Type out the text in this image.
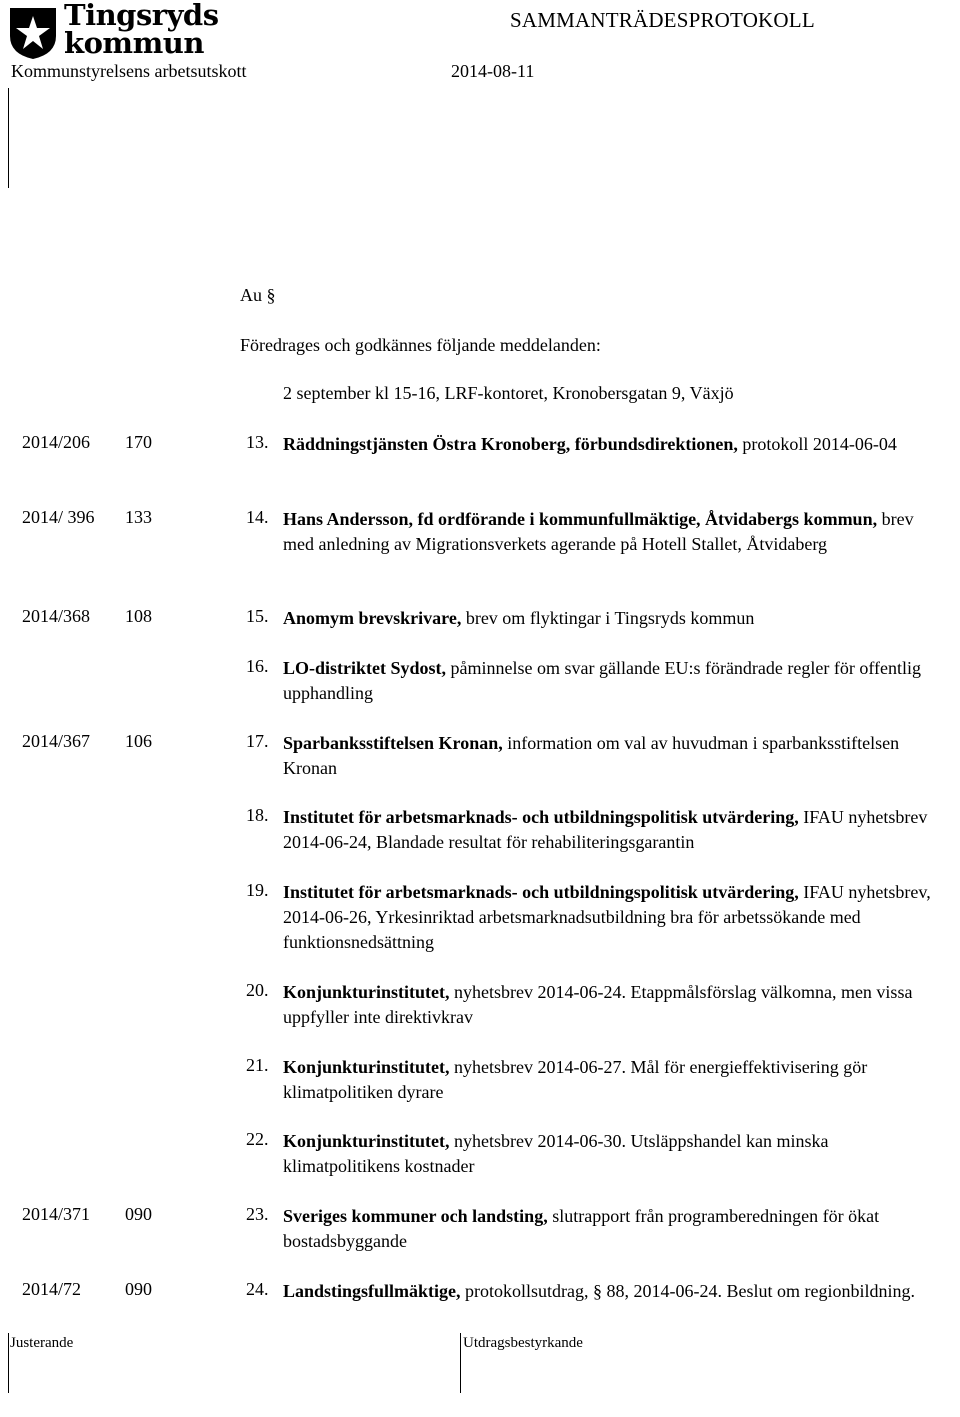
Tingsryds
kommun
SAMMANTRÄDESPROTOKOLL
Kommunstyrelsens arbetsutskott	2014-08-11
Au §
Föredrages och godkännes följande meddelanden:
2 september kl 15-16, LRF-kontoret, Kronobersgatan 9, Växjö
2014/206 170	13. Räddningstjänsten Östra Kronoberg, förbundsdirektionen, protokoll 2014-06-04
2014/ 396 133	14. Hans Andersson, fd ordförande i kommunfullmäktige, Åtvidabergs kommun, brev med anledning av Migrationsverkets agerande på Hotell Stallet, Åtvidaberg
2014/368 108	15. Anomym brevskrivare, brev om flyktingar i Tingsryds kommun
16. LO-distriktet Sydost, påminnelse om svar gällande EU:s förändrade regler för offentlig upphandling
2014/367 106	17. Sparbanksstiftelsen Kronan, information om val av huvudman i sparbanksstiftelsen Kronan
18. Institutet för arbetsmarknads- och utbildningspolitisk utvärdering, IFAU nyhetsbrev 2014-06-24, Blandade resultat för rehabiliteringsgarantin
19. Institutet för arbetsmarknads- och utbildningspolitisk utvärdering, IFAU nyhetsbrev, 2014-06-26, Yrkesinriktad arbetsmarknadsutbildning bra för arbetssökande med funktionsnedsättning
20. Konjunkturinstitutet, nyhetsbrev 2014-06-24. Etappmålsförslag välkomna, men vissa uppfyller inte direktivkrav
21. Konjunkturinstitutet, nyhetsbrev 2014-06-27. Mål för energieffektivisering gör klimatpolitiken dyrare
22. Konjunkturinstitutet, nyhetsbrev 2014-06-30. Utsläppshandel kan minska klimatpolitikens kostnader
2014/371 090	23. Sveriges kommuner och landsting, slutrapport från programberedningen för ökat bostadsbyggande
2014/72 090	24. Landstingsfullmäktige, protokollsutdrag, § 88, 2014-06-24. Beslut om regionbildning.
Justerande	Utdragsbestyrkande
